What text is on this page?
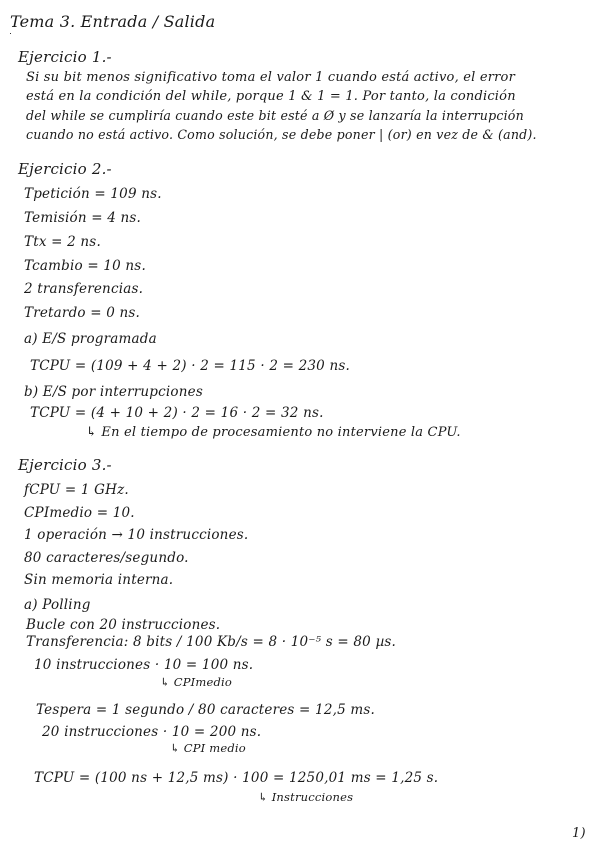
Tema 3. Entrada / Salida
Ejercicio 1.-
Si su bit menos significativo toma el valor 1 cuando está activo, el error
está en la condición del while, porque 1 & 1 = 1. Por tanto, la condición
del while se cumpliría cuando este bit esté a Ø y se lanzaría la interrupción
cuando no está activo. Como solución, se debe poner | (or) en vez de & (and).
Ejercicio 2.-
Tpetición = 109 ns.
Temisión = 4 ns.
Ttx = 2 ns.
Tcambio = 10 ns.
2 transferencias.
Tretardo = 0 ns.
a) E/S programada
TCPU = (109 + 4 + 2) · 2 = 115 · 2 = 230 ns.
b) E/S por interrupciones
TCPU = (4 + 10 + 2) · 2 = 16 · 2 = 32 ns.
↳ En el tiempo de procesamiento no interviene la CPU.
Ejercicio 3.-
fCPU = 1 GHz.
CPImedio = 10.
1 operación → 10 instrucciones.
80 caracteres/segundo.
Sin memoria interna.
a) Polling
Bucle con 20 instrucciones.
Transferencia: 8 bits / 100 Kb/s = 8 · 10⁻⁵ s = 80 µs.
10 instrucciones · 10 = 100 ns.
↳ CPImedio
Tespera = 1 segundo / 80 caracteres = 12,5 ms.
20 instrucciones · 10 = 200 ns.
↳ CPI medio
TCPU = (100 ns + 12,5 ms) · 100 = 1250,01 ms = 1,25 s.
↳ Instrucciones
1)
